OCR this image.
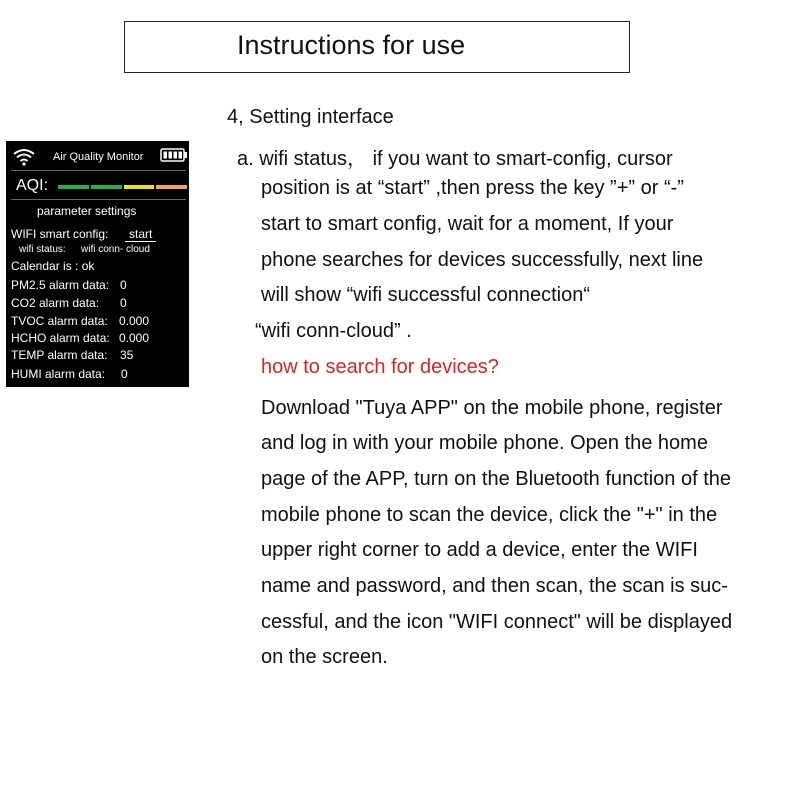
Instructions for use
Air Quality Monitor
AQI:
parameter settings
WIFI smart config:	start
wifi status: wifi conn- cloud
Calendar is : ok
PM2.5 alarm data: 0
CO2 alarm data: 0
TVOC alarm data: 0.000
HCHO alarm data: 0.000
TEMP alarm data: 35
HUMI alarm data: 0
4, Setting interface
a. wifi status， if you want to smart-config, cursor
position is at “start” ,then press the key ”+” or “-”
start to smart config, wait for a moment, If your
phone searches for devices successfully, next line
will show “wifi successful connection“
“wifi conn-cloud” .
how to search for devices?
Download "Tuya APP" on the mobile phone, register
and log in with your mobile phone. Open the home
page of the APP, turn on the Bluetooth function of the
mobile phone to scan the device, click the "+" in the
upper right corner to add a device, enter the WIFI
name and password, and then scan, the scan is suc-
cessful, and the icon "WIFI connect" will be displayed
on the screen.
